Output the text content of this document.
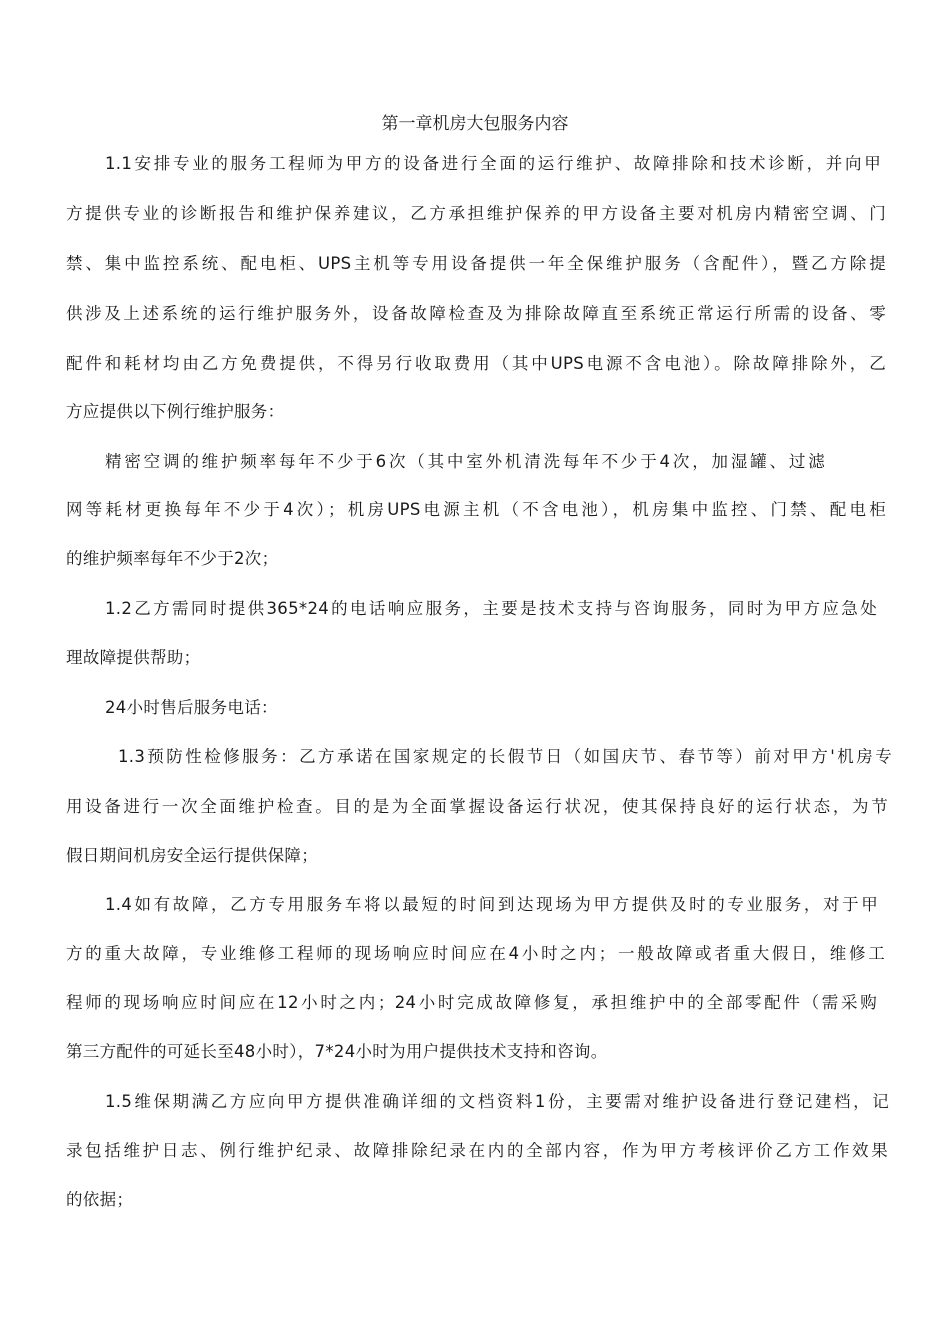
第一章机房大包服务内容
1.1安排专业的服务工程师为甲方的设备进行全面的运行维护、故障排除和技术诊断，并向甲
方提供专业的诊断报告和维护保养建议，乙方承担维护保养的甲方设备主要对机房内精密空调、门
禁、集中监控系统、配电柜、UPS主机等专用设备提供一年全保维护服务（含配件），暨乙方除提
供涉及上述系统的运行维护服务外，设备故障检查及为排除故障直至系统正常运行所需的设备、零
配件和耗材均由乙方免费提供，不得另行收取费用（其中UPS电源不含电池）。除故障排除外，乙
方应提供以下例行维护服务：
精密空调的维护频率每年不少于6次（其中室外机清洗每年不少于4次，加湿罐、过滤
网等耗材更换每年不少于4次）；机房UPS电源主机（不含电池），机房集中监控、门禁、配电柜
的维护频率每年不少于2次；
1.2乙方需同时提供365*24的电话响应服务，主要是技术支持与咨询服务，同时为甲方应急处
理故障提供帮助；
24小时售后服务电话：
1.3预防性检修服务：乙方承诺在国家规定的长假节日（如国庆节、春节等）前对甲方'机房专
用设备进行一次全面维护检查。目的是为全面掌握设备运行状况，使其保持良好的运行状态，为节
假日期间机房安全运行提供保障；
1.4如有故障，乙方专用服务车将以最短的时间到达现场为甲方提供及时的专业服务，对于甲
方的重大故障，专业维修工程师的现场响应时间应在4小时之内；一般故障或者重大假日，维修工
程师的现场响应时间应在12小时之内；24小时完成故障修复，承担维护中的全部零配件（需采购
第三方配件的可延长至48小时），7*24小时为用户提供技术支持和咨询。
1.5维保期满乙方应向甲方提供准确详细的文档资料1份，主要需对维护设备进行登记建档，记
录包括维护日志、例行维护纪录、故障排除纪录在内的全部内容，作为甲方考核评价乙方工作效果
的依据；
